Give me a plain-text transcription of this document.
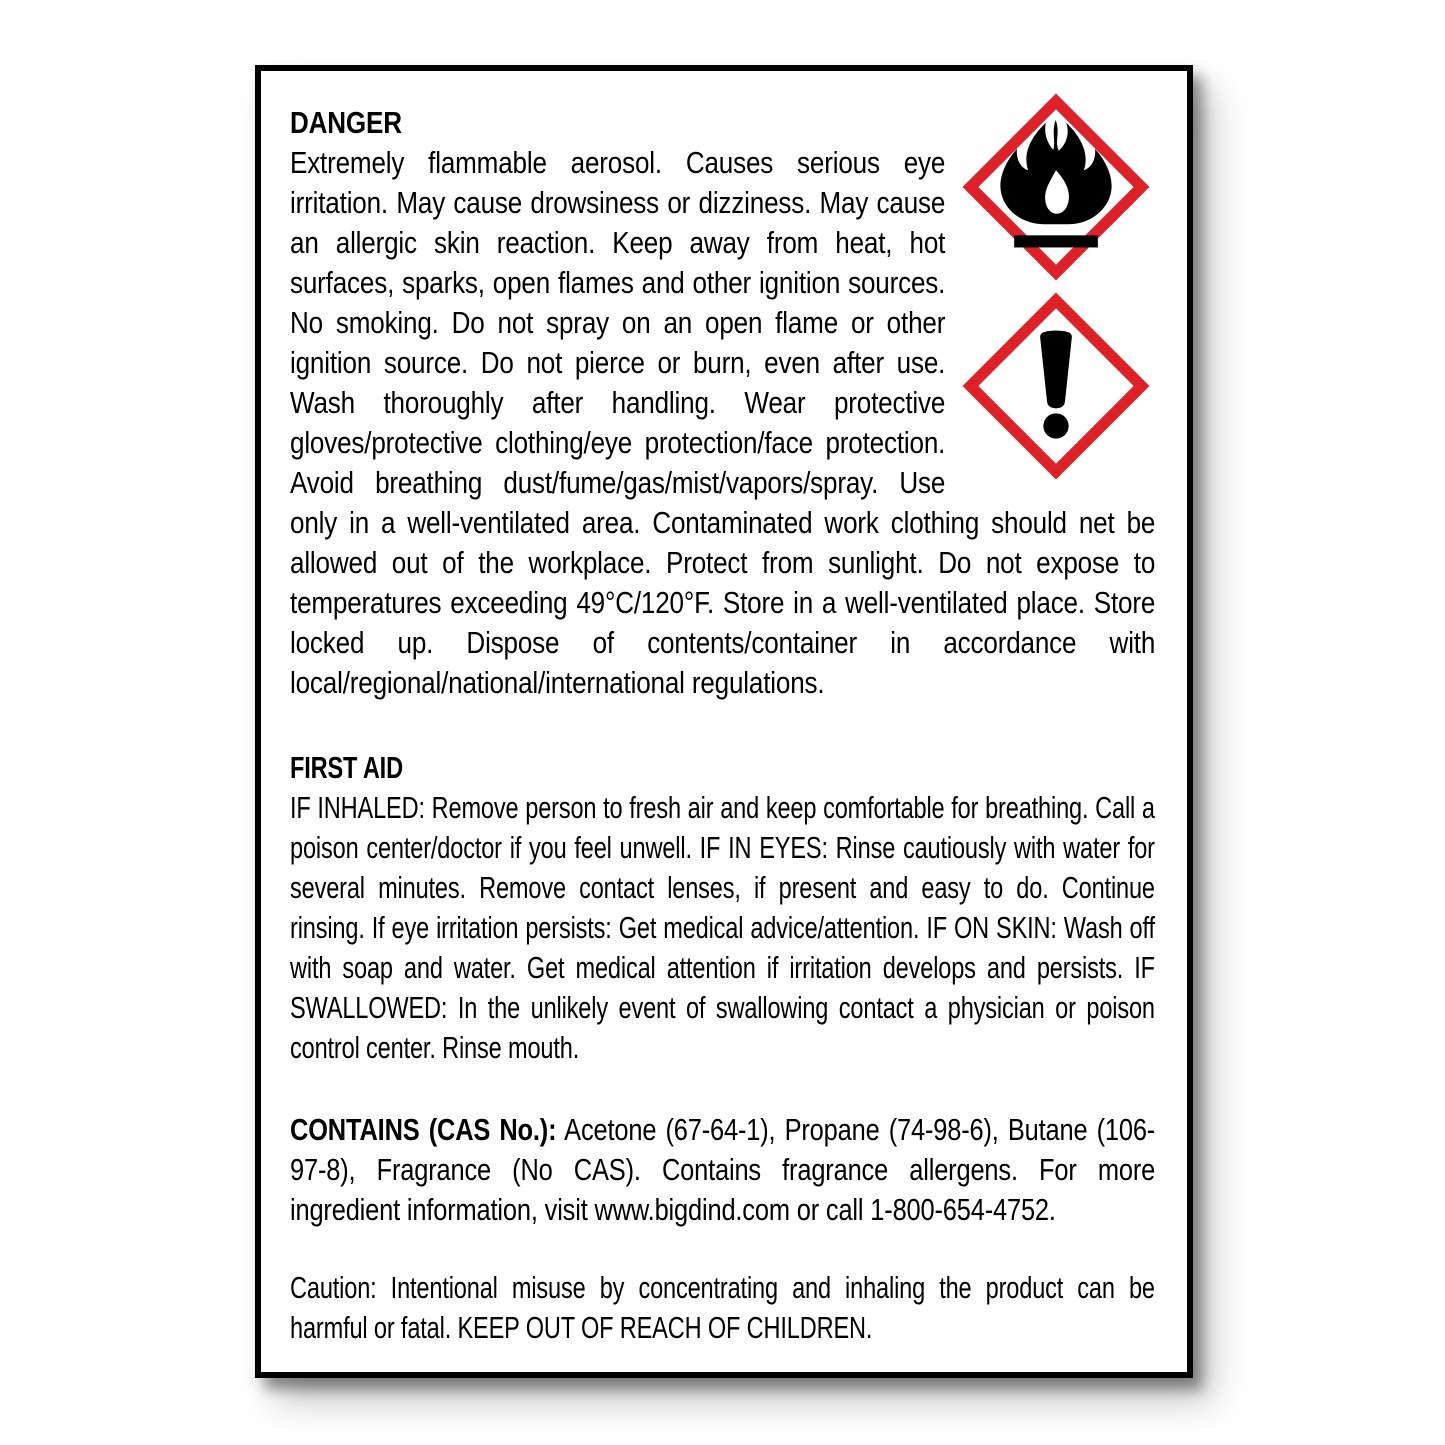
DANGER

Extremely flammable aerosol. Causes serious eye irritation. May cause drowsiness or dizziness. May cause an allergic skin reaction. Keep away from heat, hot surfaces, sparks, open flames and other ignition sources. No smoking. Do not spray on an open flame or other ignition source. Do not pierce or burn, even after use. Wash thoroughly after handling. Wear protective gloves/protective clothing/eye protection/face protection. Avoid breathing dust/fume/gas/mist/vapors/spray. Use only in a well-ventilated area. Contaminated work clothing should net be allowed out of the workplace. Protect from sunlight. Do not expose to temperatures exceeding 49°C/120°F. Store in a well-ventilated place. Store locked up. Dispose of contents/container in accordance with local/regional/national/international regulations.

FIRST AID

IF INHALED: Remove person to fresh air and keep comfortable for breathing. Call a poison center/doctor if you feel unwell. IF IN EYES: Rinse cautiously with water for several minutes. Remove contact lenses, if present and easy to do. Continue rinsing. If eye irritation persists: Get medical advice/attention. IF ON SKIN: Wash off with soap and water. Get medical attention if irritation develops and persists. IF SWALLOWED: In the unlikely event of swallowing contact a physician or poison control center. Rinse mouth.

CONTAINS (CAS No.): Acetone (67-64-1), Propane (74-98-6), Butane (106-97-8), Fragrance (No CAS). Contains fragrance allergens. For more ingredient information, visit www.bigdind.com or call 1-800-654-4752.

Caution: Intentional misuse by concentrating and inhaling the product can be harmful or fatal. KEEP OUT OF REACH OF CHILDREN.
